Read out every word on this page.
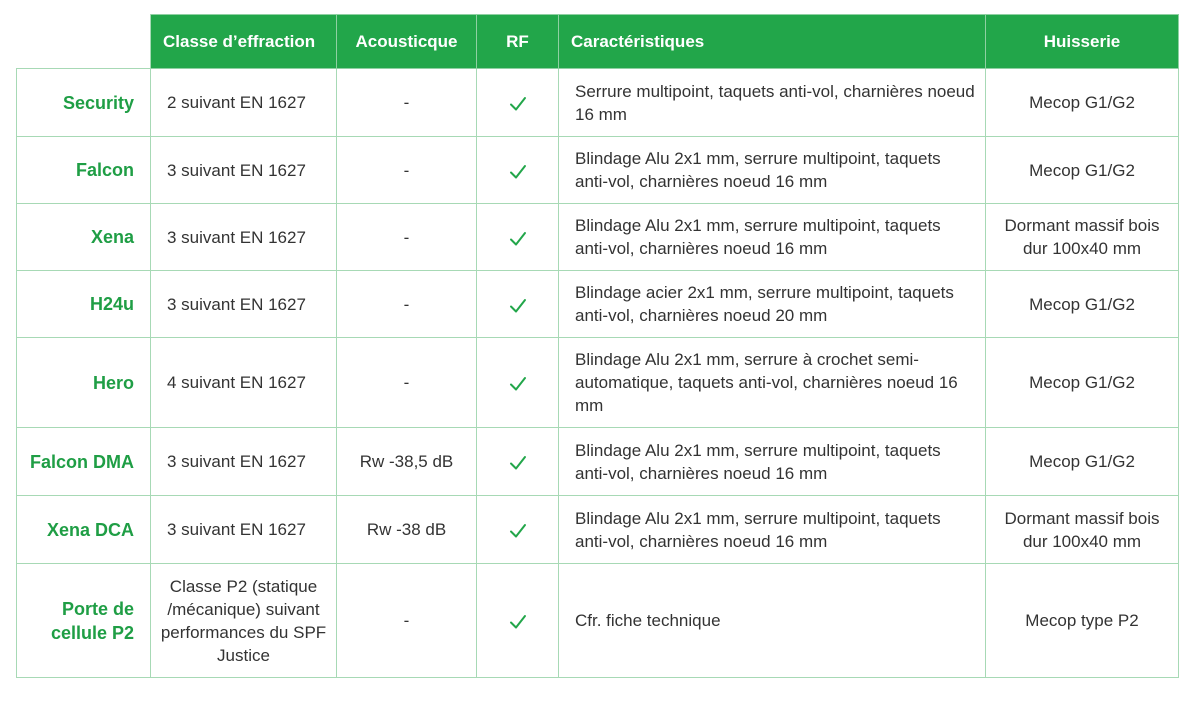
	Classe d’effraction	Acousticque	RF	Caractéristiques	Huisserie
Security	2 suivant EN 1627	-		Serrure multipoint, taquets anti-vol, charnières noeud 16 mm	Mecop G1/G2
Falcon	3 suivant EN 1627	-		Blindage Alu 2x1 mm, serrure multipoint, taquets anti-vol, charnières noeud 16 mm	Mecop G1/G2
Xena	3 suivant EN 1627	-		Blindage Alu 2x1 mm, serrure multipoint, taquets anti-vol, charnières noeud 16 mm	Dormant massif bois dur 100x40 mm
H24u	3 suivant EN 1627	-		Blindage acier 2x1 mm, serrure multipoint, taquets anti-vol, charnières noeud 20 mm	Mecop G1/G2
Hero	4 suivant EN 1627	-		Blindage Alu 2x1 mm, serrure à crochet semi-automatique, taquets anti-vol, charnières noeud 16 mm	Mecop G1/G2
Falcon DMA	3 suivant EN 1627	Rw -38,5 dB		Blindage Alu 2x1 mm, serrure multipoint, taquets anti-vol, charnières noeud 16 mm	Mecop G1/G2
Xena DCA	3 suivant EN 1627	Rw -38 dB		Blindage Alu 2x1 mm, serrure multipoint, taquets anti-vol, charnières noeud 16 mm	Dormant massif bois dur 100x40 mm
Porte de cellule P2	Classe P2 (statique /mécanique) suivant performances du SPF Justice	-		Cfr. fiche technique	Mecop type P2
